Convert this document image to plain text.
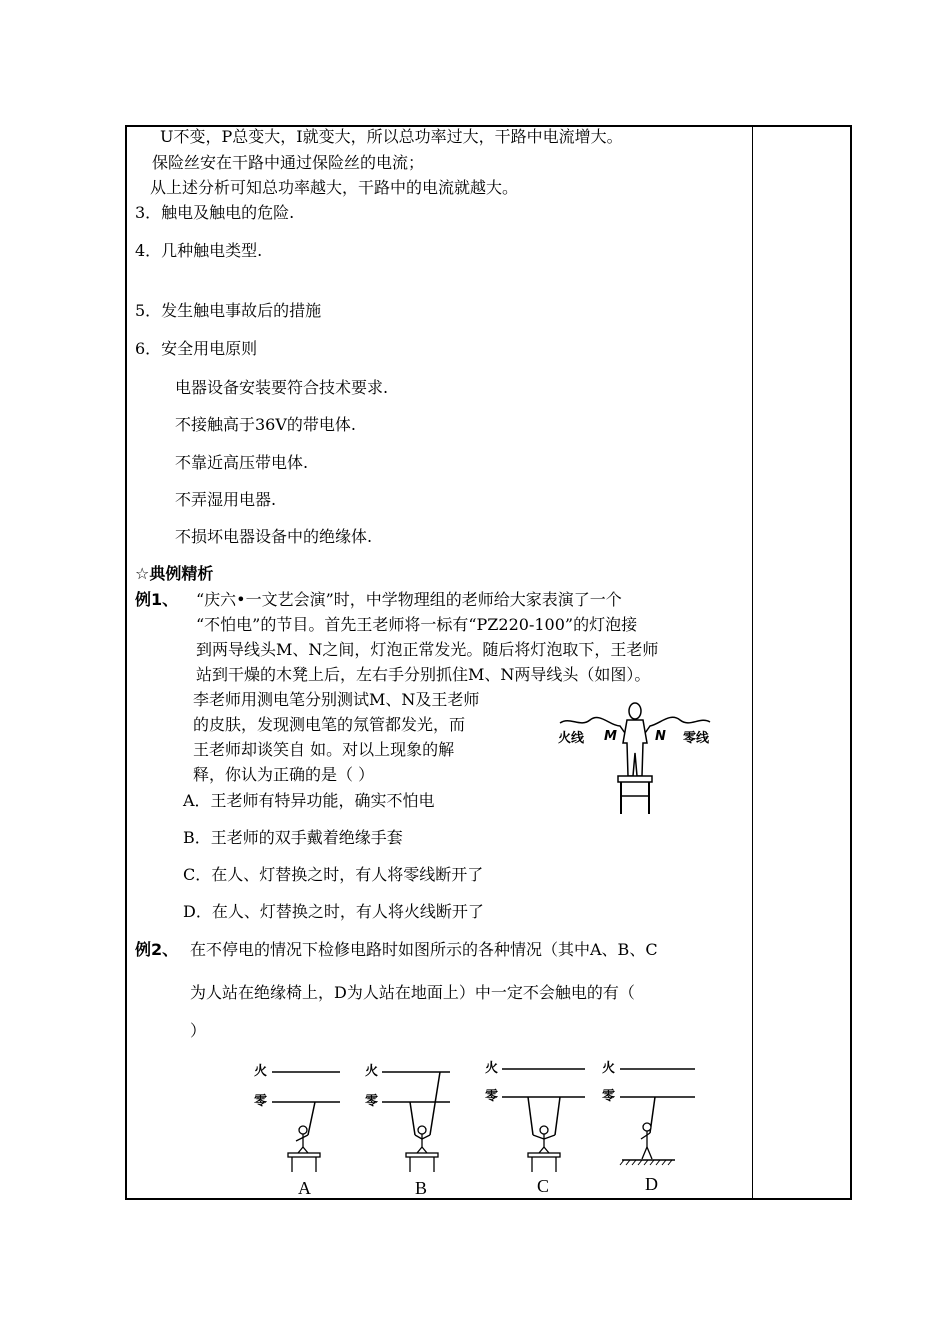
U不变，P总变大，I就变大，所以总功率过大，干路中电流增大。
保险丝安在干路中通过保险丝的电流；
从上述分析可知总功率越大，干路中的电流就越大。
3．触电及触电的危险.
4．几种触电类型.
5．发生触电事故后的措施
6．安全用电原则
电器设备安装要符合技术要求.
不接触高于36V的带电体.
不靠近高压带电体.
不弄湿用电器.
不损坏电器设备中的绝缘体.
☆典例精析
例1、 “庆六•一文艺会演”时，中学物理组的老师给大家表演了一个
“不怕电”的节目。首先王老师将一标有“PZ220-100”的灯泡接
到两导线头M、N之间，灯泡正常发光。随后将灯泡取下，王老师
站到干燥的木凳上后，左右手分别抓住M、N两导线头（如图）。
李老师用测电笔分别测试M、N及王老师
的皮肤，发现测电笔的氖管都发光，而
王老师却谈笑自 如。对以上现象的解
释，你认为正确的是（ ）
A．王老师有特异功能，确实不怕电
B．王老师的双手戴着绝缘手套
C．在人、灯替换之时，有人将零线断开了
D．在人、灯替换之时，有人将火线断开了
火线 M	N 零线
例2、 在不停电的情况下检修电路时如图所示的各种情况（其中A、B、C
为人站在绝缘椅上，D为人站在地面上）中一定不会触电的有（
）
火
零
A
火
零
B
火
零
C
火
零
D
